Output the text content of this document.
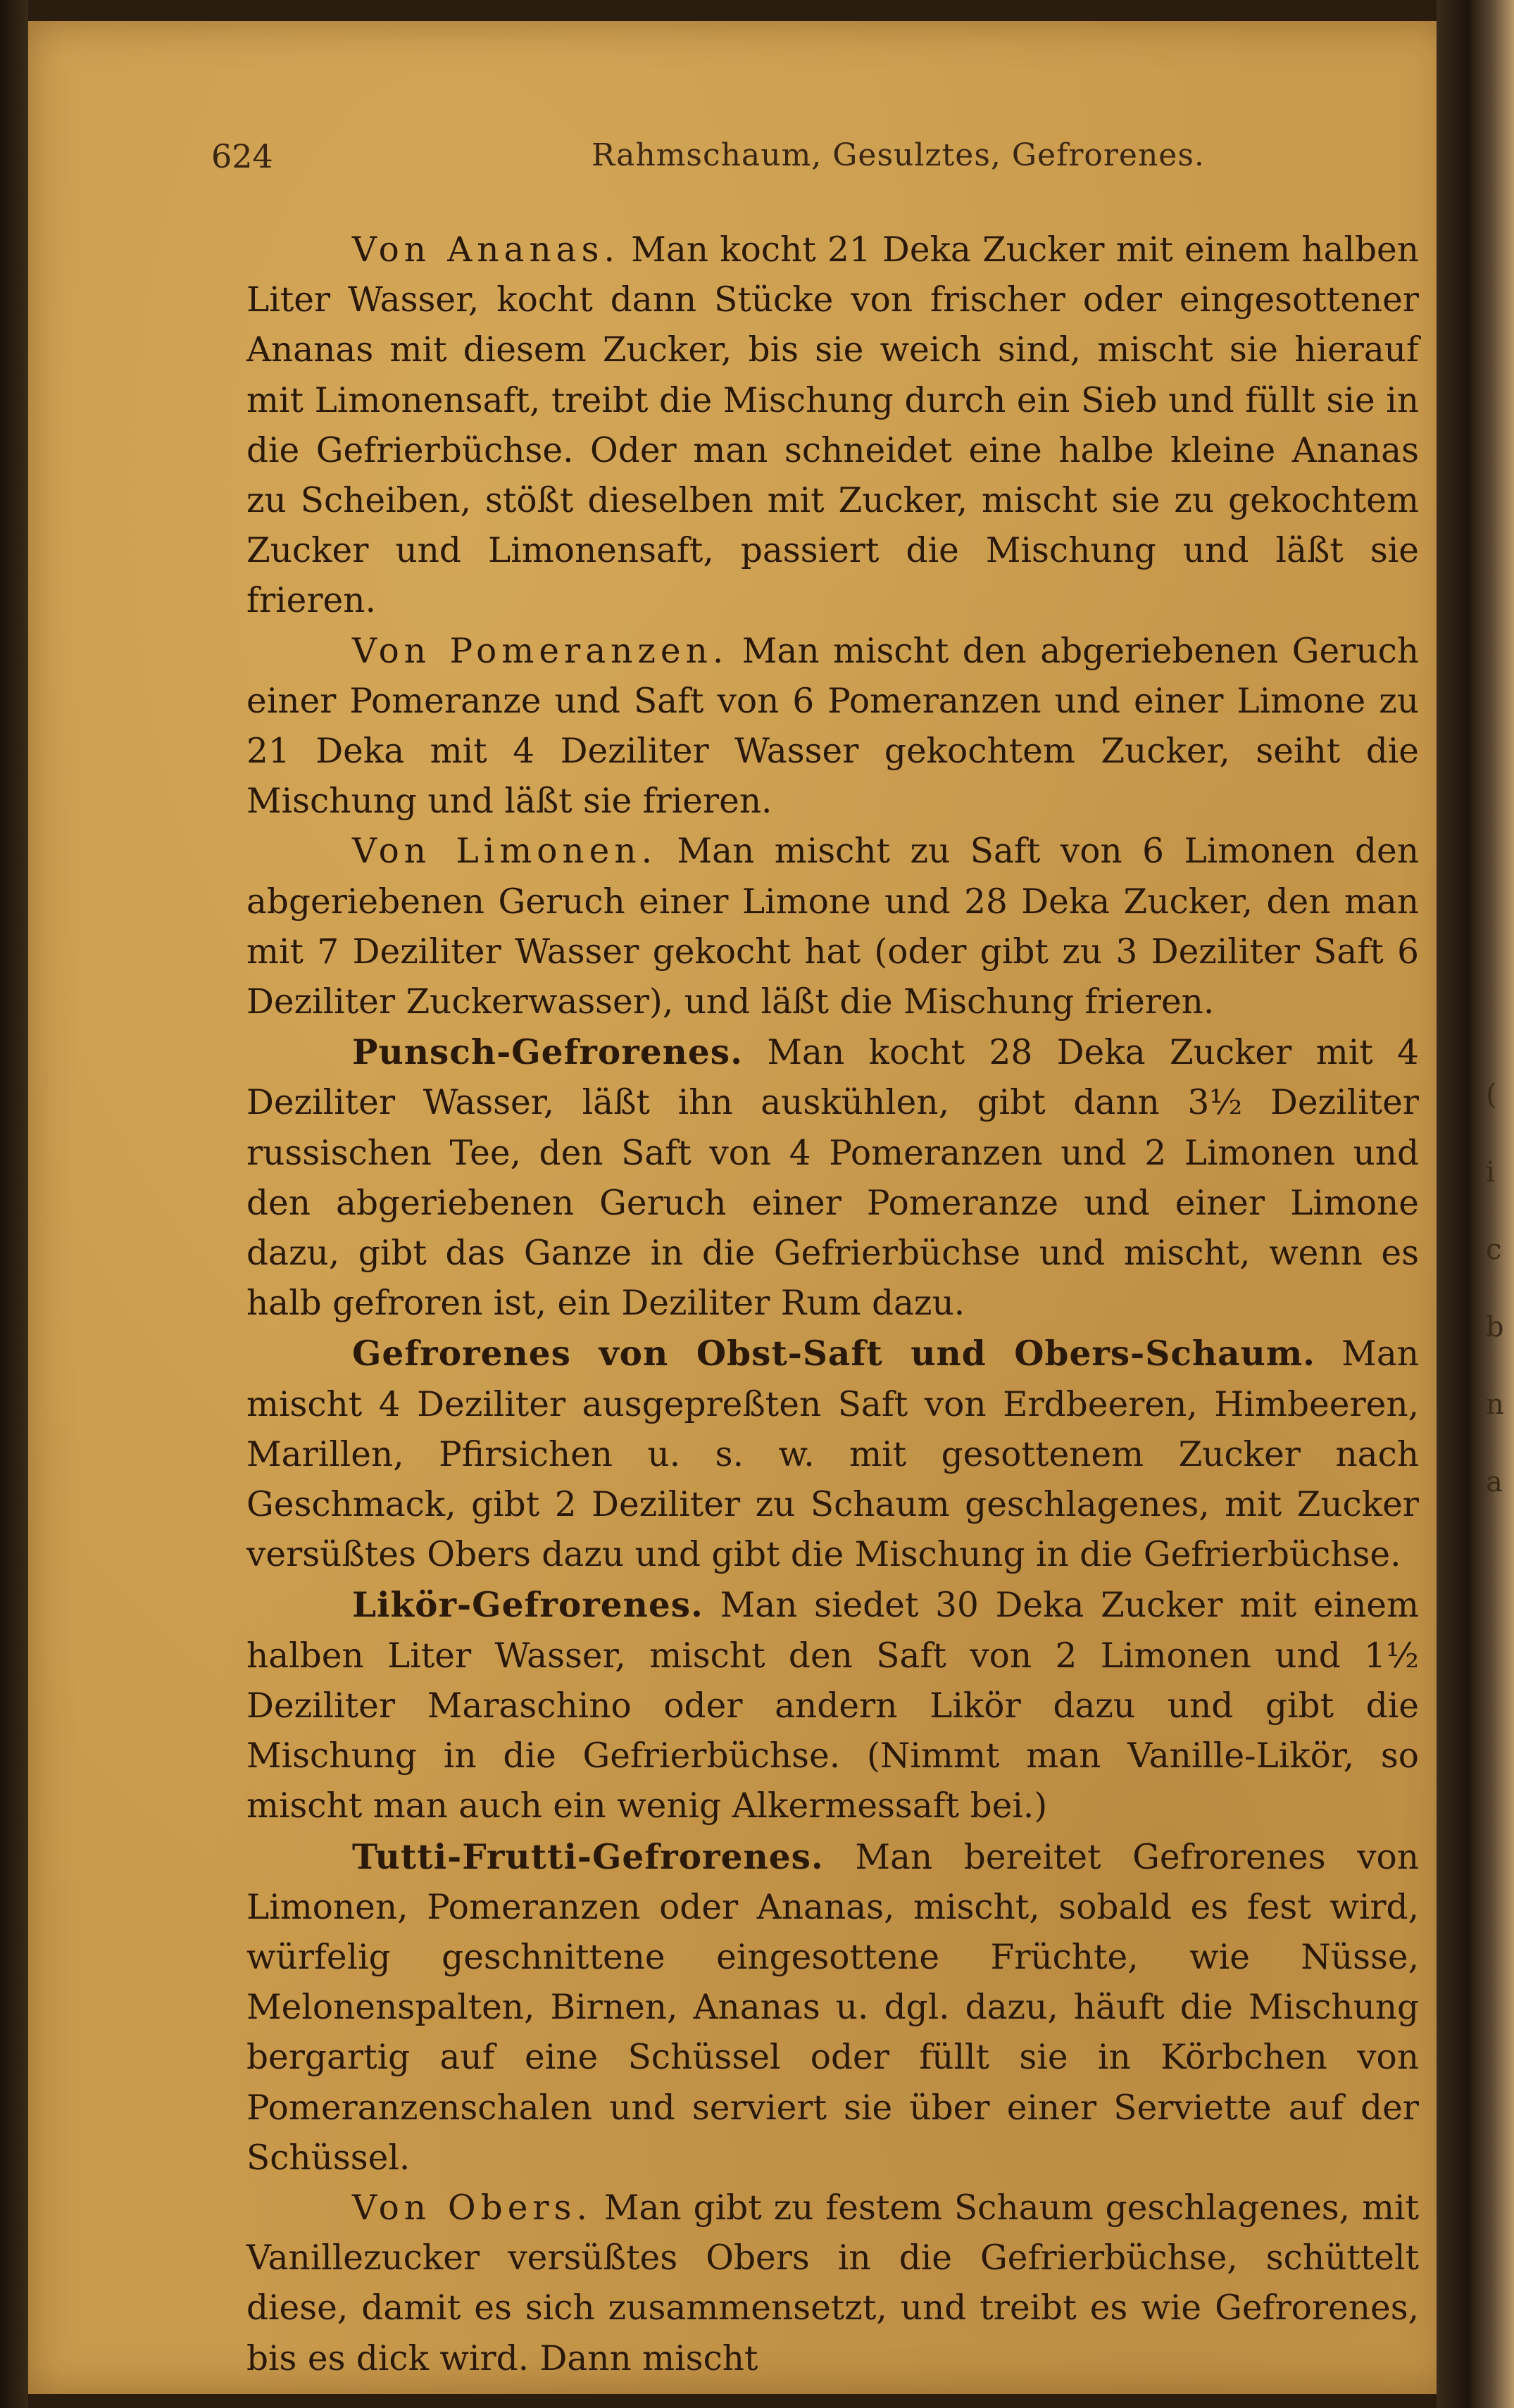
(
i
c
b
n
a
624	Rahmschaum, Gesulztes, Gefrorenes.

Von Ananas. Man kocht 21 Deka Zucker mit einem halben Liter Wasser, kocht dann Stücke von frischer oder eingesottener Ananas mit diesem Zucker, bis sie weich sind, mischt sie hierauf mit Limonensaft, treibt die Mischung durch ein Sieb und füllt sie in die Gefrierbüchse. Oder man schneidet eine halbe kleine Ananas zu Scheiben, stößt dieselben mit Zucker, mischt sie zu gekochtem Zucker und Limonensaft, passiert die Mischung und läßt sie frieren.

Von Pomeranzen. Man mischt den abgeriebenen Geruch einer Pomeranze und Saft von 6 Pomeranzen und einer Limone zu 21 Deka mit 4 Deziliter Wasser gekochtem Zucker, seiht die Mischung und läßt sie frieren.

Von Limonen. Man mischt zu Saft von 6 Limonen den abgeriebenen Geruch einer Limone und 28 Deka Zucker, den man mit 7 Deziliter Wasser gekocht hat (oder gibt zu 3 Deziliter Saft 6 Deziliter Zuckerwasser), und läßt die Mischung frieren.

Punsch-Gefrorenes. Man kocht 28 Deka Zucker mit 4 Deziliter Wasser, läßt ihn auskühlen, gibt dann 3½ Deziliter russischen Tee, den Saft von 4 Pomeranzen und 2 Limonen und den abgeriebenen Geruch einer Pomeranze und einer Limone dazu, gibt das Ganze in die Gefrierbüchse und mischt, wenn es halb gefroren ist, ein Deziliter Rum dazu.

Gefrorenes von Obst-Saft und Obers-Schaum. Man mischt 4 Deziliter ausgepreßten Saft von Erdbeeren, Himbeeren, Marillen, Pfirsichen u. s. w. mit gesottenem Zucker nach Geschmack, gibt 2 Deziliter zu Schaum geschlagenes, mit Zucker versüßtes Obers dazu und gibt die Mischung in die Gefrierbüchse.

Likör-Gefrorenes. Man siedet 30 Deka Zucker mit einem halben Liter Wasser, mischt den Saft von 2 Limonen und 1½ Deziliter Maraschino oder andern Likör dazu und gibt die Mischung in die Gefrierbüchse. (Nimmt man Vanille-Likör, so mischt man auch ein wenig Alkermessaft bei.)

Tutti-Frutti-Gefrorenes. Man bereitet Gefrorenes von Limonen, Pomeranzen oder Ananas, mischt, sobald es fest wird, würfelig geschnittene eingesottene Früchte, wie Nüsse, Melonenspalten, Birnen, Ananas u. dgl. dazu, häuft die Mischung bergartig auf eine Schüssel oder füllt sie in Körbchen von Pomeranzenschalen und serviert sie über einer Serviette auf der Schüssel.

Von Obers. Man gibt zu festem Schaum geschlagenes, mit Vanillezucker versüßtes Obers in die Gefrierbüchse, schüttelt diese, damit es sich zusammensetzt, und treibt es wie Gefrorenes, bis es dick wird. Dann mischt
